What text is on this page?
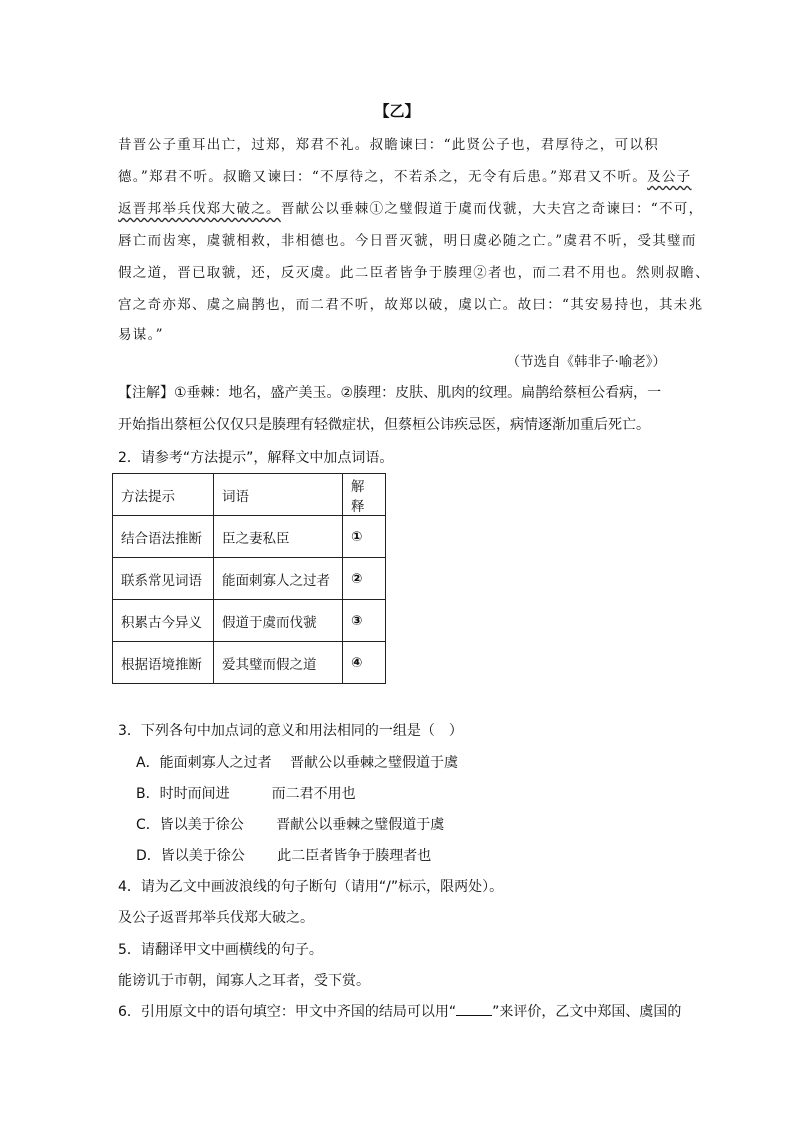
【乙】
昔晋公子重耳出亡，过郑，郑君不礼。叔瞻谏曰：“此贤公子也，君厚待之，可以积
德。”郑君不听。叔瞻又谏曰：“不厚待之，不若杀之，无令有后患。”郑君又不听。及公子
返晋邦举兵伐郑大破之。晋献公以垂棘①之璧假道于虞而伐虢，大夫宫之奇谏曰：“不可，
唇亡而齿寒，虞虢相救，非相德也。今日晋灭虢，明日虞必随之亡。”虞君不听，受其璧而
假之道，晋已取虢，还，反灭虞。此二臣者皆争于腠理②者也，而二君不用也。然则叔瞻、
宫之奇亦郑、虞之扁鹊也，而二君不听，故郑以破，虞以亡。故曰：“其安易持也，其未兆
易谋。”
（节选自《韩非子·喻老》）
【注解】①垂棘：地名，盛产美玉。②腠理：皮肤、肌肉的纹理。扁鹊给蔡桓公看病，一
开始指出蔡桓公仅仅只是腠理有轻微症状，但蔡桓公讳疾忌医，病情逐渐加重后死亡。
2．请参考“方法提示”，解释文中加点词语。
方法提示	词语	解释
结合语法推断	臣之妻私臣	①
联系常见词语	能面刺寡人之过者	②
积累古今异义	假道于虞而伐虢	③
根据语境推断	爱其璧而假之道	④
3．下列各句中加点词的意义和用法相同的一组是（　）
A．能面刺寡人之过者　 晋献公以垂棘之璧假道于虞
B．时时而间进　　　而二君不用也
C．皆以美于徐公　　 晋献公以垂棘之璧假道于虞
D．皆以美于徐公　　 此二臣者皆争于腠理者也
4．请为乙文中画波浪线的句子断句（请用“/”标示，限两处）。
及公子返晋邦举兵伐郑大破之。
5．请翻译甲文中画横线的句子。
能谤讥于市朝，闻寡人之耳者，受下赏。
6．引用原文中的语句填空：甲文中齐国的结局可以用“	”来评价，乙文中郑国、虞国的
